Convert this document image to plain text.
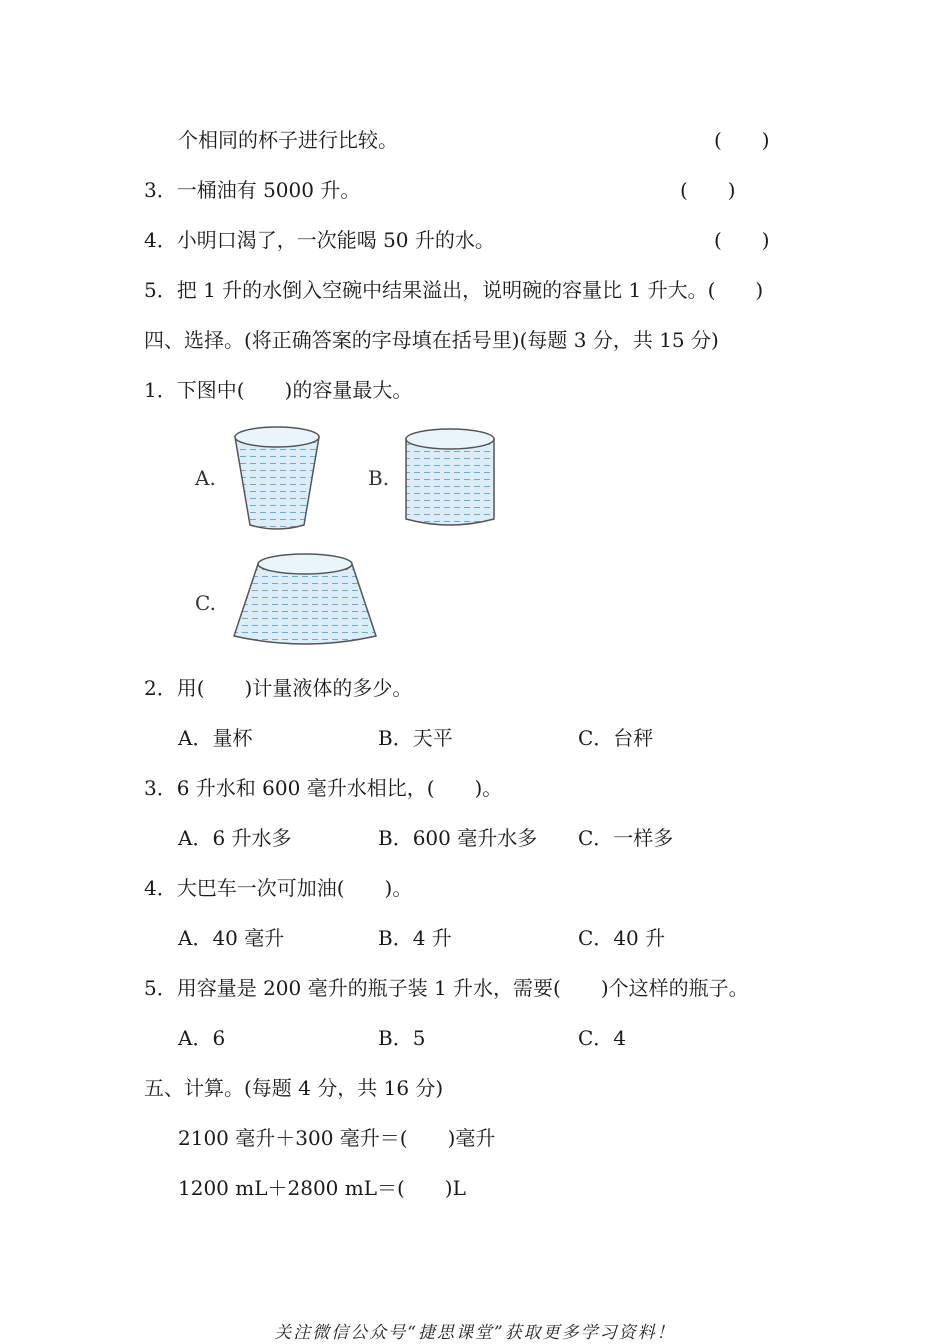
个相同的杯子进行比较。	(　　)
3．一桶油有 5000 升。	(　　)
4．小明口渴了，一次能喝 50 升的水。	(　　)
5．把 1 升的水倒入空碗中结果溢出，说明碗的容量比 1 升大。(　　)
四、选择。(将正确答案的字母填在括号里)(每题 3 分，共 15 分)
1．下图中(　　)的容量最大。
A.	B.
C.
2．用(　　)计量液体的多少。
A．量杯	B．天平	C．台秤
3．6 升水和 600 毫升水相比，(　　)。
A．6 升水多	B．600 毫升水多 C．一样多
4．大巴车一次可加油(　　)。
A．40 毫升	B．4 升	C．40 升
5．用容量是 200 毫升的瓶子装 1 升水，需要(　　)个这样的瓶子。
A．6	B．5	C．4
五、计算。(每题 4 分，共 16 分)
2100 毫升＋300 毫升＝(　　)毫升
1200 mL＋2800 mL＝(　　)L
关注微信公众号“捷思课堂”获取更多学习资料！
